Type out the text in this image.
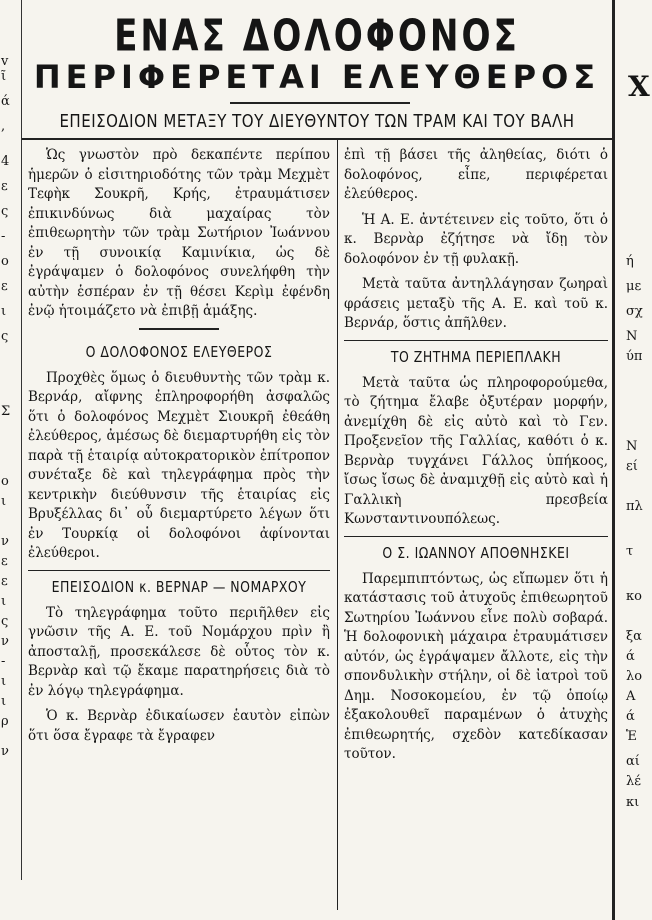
v
ῖ
ά
,
4
ε
ς
-
ο
ε
ι
ς
Σ
ο
ι
ν
ε
ε
ι
ς
ν
-
ι
ι
ρ
ν
Χ
ή
με
σχ
Ν
ύπ
Ν
εί
πλ
τ
κο
ξα
ά
λο
Α
ά
Ἑ
αί
λέ
κι
ΕΝΑΣ ΔΟΛΟΦΟΝΟΣ
ΠΕΡΙΦΕΡΕΤΑΙ ΕΛΕΥΘΕΡΟΣ
ΕΠΕΙΣΟΔΙΟΝ ΜΕΤΑΞΥ ΤΟΥ ΔΙΕΥΘΥΝΤΟΥ ΤΩΝ ΤΡΑΜ ΚΑΙ ΤΟΥ ΒΑΛΗ

Ὡς γνωστὸν πρὸ δεκαπέντε περίπου ἡμερῶν ὁ εἰσιτηριοδότης τῶν τρὰμ Μεχμὲτ Τεφὴκ Σουκρῆ, Κρής, ἐτραυμάτισεν ἐπικινδύνως διὰ μαχαίρας τὸν ἐπιθεωρητὴν τῶν τρὰμ Σωτήριον Ἰωάννου ἐν τῇ συνοικίᾳ Καμινίκια, ὡς δὲ ἐγράψαμεν ὁ δολοφόνος συνελήφθη τὴν αὐτὴν ἑσπέραν ἐν τῇ θέσει Κερὶμ ἐφένδη ἐνῷ ἡτοιμάζετο νὰ ἐπιβῇ ἁμάξης.

Ο ΔΟΛΟΦΟΝΟΣ ΕΛΕΥΘΕΡΟΣ

Προχθὲς ὅμως ὁ διευθυντὴς τῶν τρὰμ κ. Βερνάρ, αἴφνης ἐπληροφορήθη ἀσφαλῶς ὅτι ὁ δολοφόνος Μεχμὲτ Σιουκρῆ ἐθεάθη ἐλεύθερος, ἀμέσως δὲ διεμαρτυρήθη εἰς τὸν παρὰ τῇ ἑταιρίᾳ αὐτοκρατορικὸν ἐπίτροπον συνέταξε δὲ καὶ τηλεγράφημα πρὸς τὴν κεντρικὴν διεύθυνσιν τῆς ἑταιρίας εἰς Βρυξέλλας δι᾽ οὗ διεμαρτύρετο λέγων ὅτι ἐν Τουρκίᾳ οἱ δολοφόνοι ἀφίνονται ἐλεύθεροι.

ΕΠΕΙΣΟΔΙΟΝ κ. ΒΕΡΝΑΡ — ΝΟΜΑΡΧΟΥ

Τὸ τηλεγράφημα τοῦτο περιῆλθεν εἰς γνῶσιν τῆς Α. Ε. τοῦ Νομάρχου πρὶν ἢ ἀποσταλῇ, προσεκάλεσε δὲ οὗτος τὸν κ. Βερνὰρ καὶ τῷ ἔκαμε παρατηρήσεις διὰ τὸ ἐν λόγῳ τηλεγράφημα.

Ὁ κ. Βερνὰρ ἐδικαίωσεν ἑαυτὸν εἰπὼν ὅτι ὅσα ἔγραφε τὰ ἔγραφεν

ἐπὶ τῇ βάσει τῆς ἀληθείας, διότι ὁ δολοφόνος, εἶπε, περιφέρεται ἐλεύθερος.

Ἡ Α. Ε. ἀντέτεινεν εἰς τοῦτο, ὅτι ὁ κ. Βερνὰρ ἐζήτησε νὰ ἴδῃ τὸν δολοφόνον ἐν τῇ φυλακῇ.

Μετὰ ταῦτα ἀντηλλάγησαν ζωηραὶ φράσεις μεταξὺ τῆς Α. Ε. καὶ τοῦ κ. Βερνάρ, ὅστις ἀπῆλθεν.

ΤΟ ΖΗΤΗΜΑ ΠΕΡΙΕΠΛΑΚΗ

Μετὰ ταῦτα ὡς πληροφορούμεθα, τὸ ζήτημα ἔλαβε ὀξυτέραν μορφήν, ἀνεμίχθη δὲ εἰς αὐτὸ καὶ τὸ Γεν. Προξενεῖον τῆς Γαλλίας, καθότι ὁ κ. Βερνὰρ τυγχάνει Γάλλος ὑπήκοος, ἴσως ἴσως δὲ ἀναμιχθῇ εἰς αὐτὸ καὶ ἡ Γαλλικὴ πρεσβεία Κωνσταντινουπόλεως.

Ο Σ. ΙΩΑΝΝΟΥ ΑΠΟΘΝΗΣΚΕΙ

Παρεμπιπτόντως, ὡς εἴπωμεν ὅτι ἡ κατάστασις τοῦ ἀτυχοῦς ἐπιθεωρητοῦ Σωτηρίου Ἰωάννου εἶνε πολὺ σοβαρά. Ἡ δολοφονικὴ μάχαιρα ἐτραυμάτισεν αὐτόν, ὡς ἐγράψαμεν ἄλλοτε, εἰς τὴν σπονδυλικὴν στήλην, οἱ δὲ ἰατροὶ τοῦ Δημ. Νοσοκομείου, ἐν τῷ ὁποίῳ ἐξακολουθεῖ παραμένων ὁ ἀτυχὴς ἐπιθεωρητής, σχεδὸν κατεδίκασαν τοῦτον.
